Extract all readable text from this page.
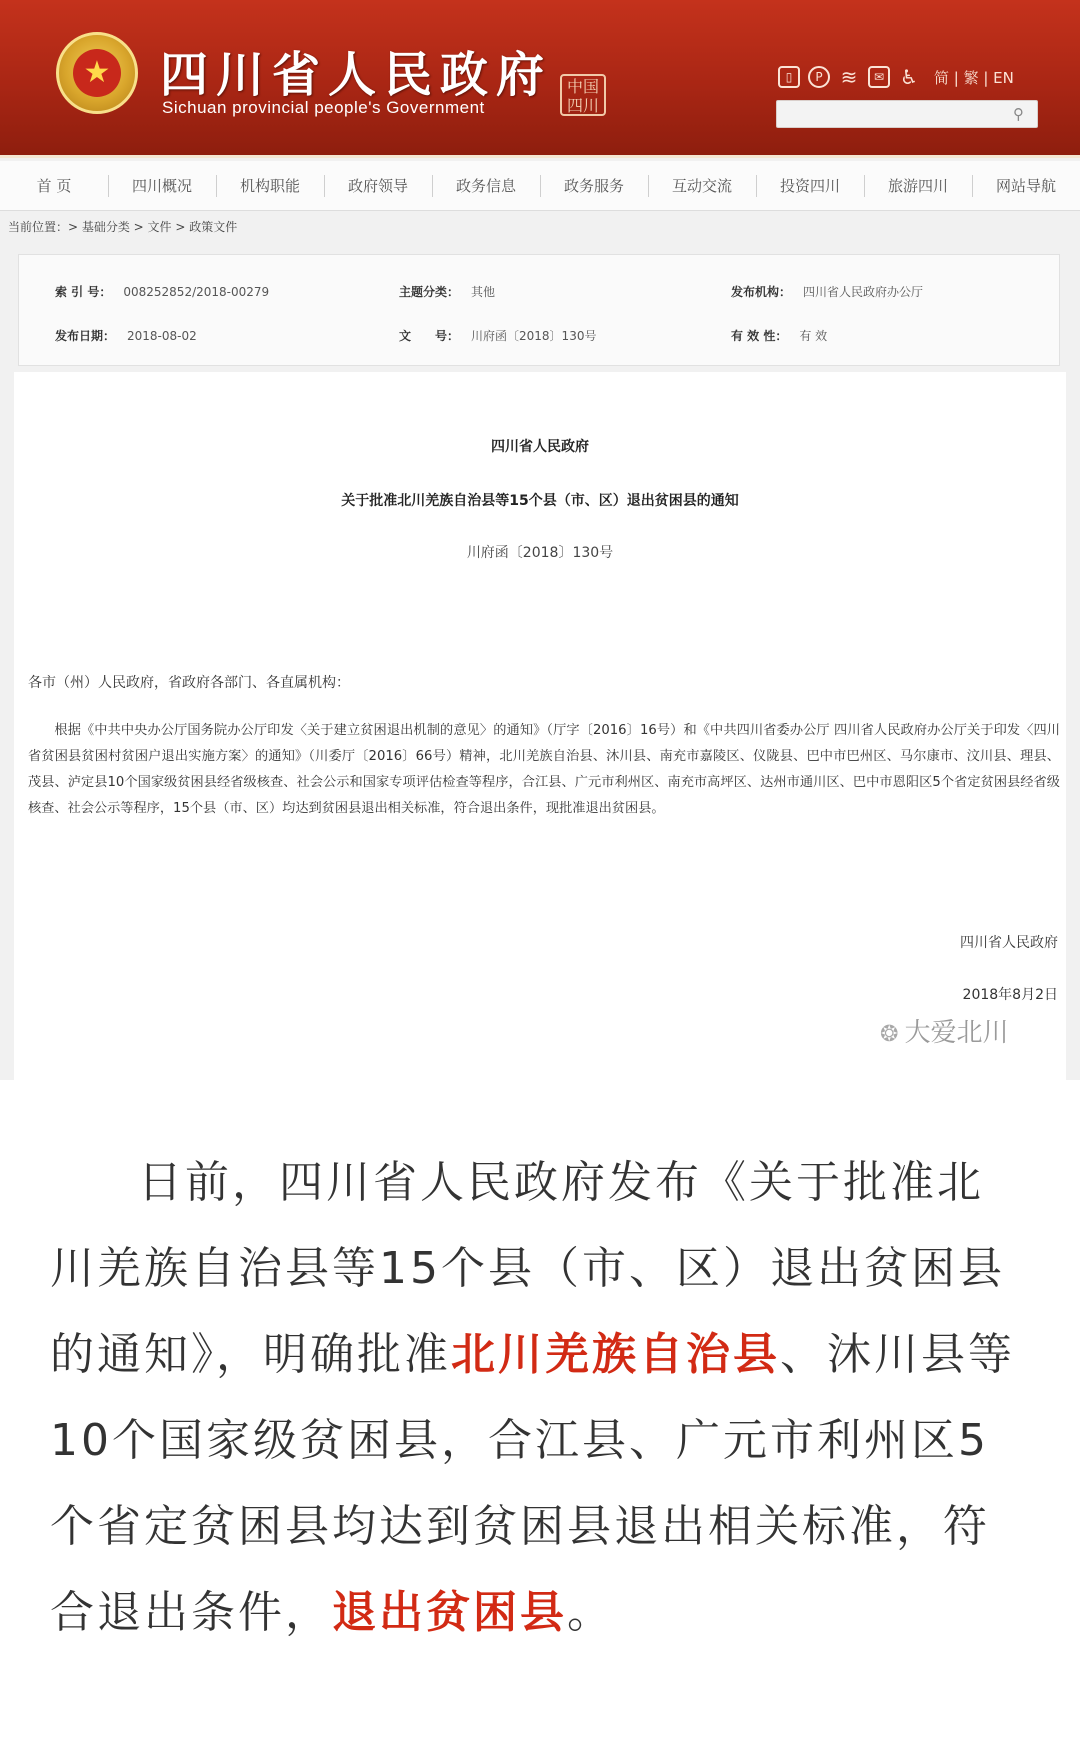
★ 四川省人民政府
Sichuan provincial people's Government
中国 四川
▯	P ≋	✉ ♿ 简 | 繁 | EN
⚲
首 页	四川概况	机构职能	政府领导	政务信息	政务服务	互动交流	投资四川	旅游四川	网站导航
当前位置：> 基础分类 > 文件 > 政策文件
索 引 号： 008252852/2018-00279	主题分类： 其他	发布机构： 四川省人民政府办公厅
发布日期： 2018-08-02	文　　号： 川府函〔2018〕130号	有 效 性： 有 效
四川省人民政府
关于批准北川羌族自治县等15个县（市、区）退出贫困县的通知
川府函〔2018〕130号
各市（州）人民政府，省政府各部门、各直属机构：
根据《中共中央办公厅国务院办公厅印发〈关于建立贫困退出机制的意见〉的通知》（厅字〔2016〕16号）和《中共四川省委办公厅 四川省人民政府办公厅关于印发〈四川省贫困县贫困村贫困户退出实施方案〉的通知》（川委厅〔2016〕66号）精神，北川羌族自治县、沐川县、南充市嘉陵区、仪陇县、巴中市巴州区、马尔康市、汶川县、理县、茂县、泸定县10个国家级贫困县经省级核查、社会公示和国家专项评估检查等程序，合江县、广元市利州区、南充市高坪区、达州市通川区、巴中市恩阳区5个省定贫困县经省级核查、社会公示等程序，15个县（市、区）均达到贫困县退出相关标准，符合退出条件，现批准退出贫困县。
四川省人民政府
2018年8月2日
❂ 大爱北川
日前，四川省人民政府发布《关于批准北川羌族自治县等15个县（市、区）退出贫困县的通知》，明确批准北川羌族自治县、沐川县等10个国家级贫困县，合江县、广元市利州区5个省定贫困县均达到贫困县退出相关标准，符合退出条件，退出贫困县。
